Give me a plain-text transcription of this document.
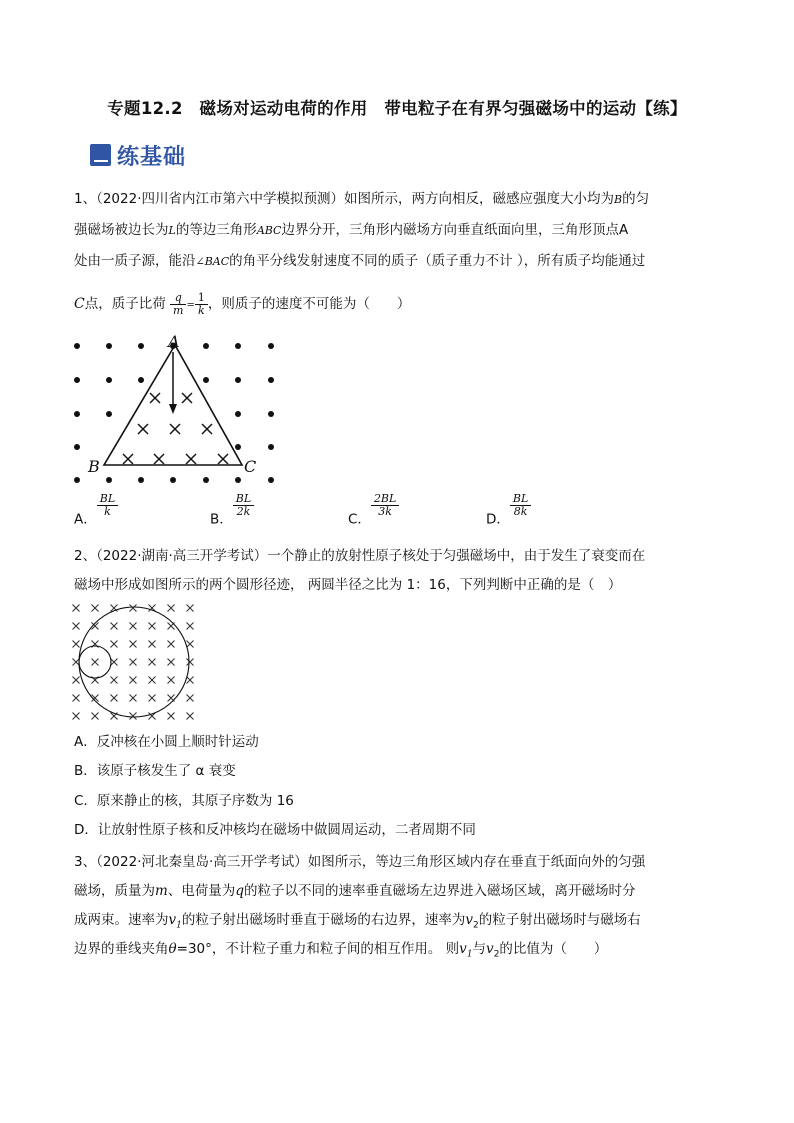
专题12.2　磁场对运动电荷的作用　带电粒子在有界匀强磁场中的运动【练】
练基础
1、（2022·四川省内江市第六中学模拟预测）如图所示，两方向相反，磁感应强度大小均为B的匀
强磁场被边长为L的等边三角形ABC边界分开，三角形内磁场方向垂直纸面向里，三角形顶点A
处由一质子源，能沿∠BAC的角平分线发射速度不同的质子（质子重力不计 ），所有质子均能通过
C点，质子比荷 $\frac{q}{m} = \frac{1}{k}$ ，则质子的速度不可能为（　　）
A
B	C
A．
$\frac{BL}{k}$
B．
$\frac{BL}{2k}$
C．
$\frac{2BL}{3k}$
D．
$\frac{BL}{8k}$
2、（2022·湖南·高三开学考试）一个静止的放射性原子核处于匀强磁场中，由于发生了衰变而在
磁场中形成如图所示的两个圆形径迹， 两圆半径之比为 1：16，下列判断中正确的是（　）
A．反冲核在小圆上顺时针运动
B．该原子核发生了 α 衰变
C．原来静止的核，其原子序数为 16
D．让放射性原子核和反冲核均在磁场中做圆周运动，二者周期不同
3、（2022·河北秦皇岛·高三开学考试）如图所示，等边三角形区域内存在垂直于纸面向外的匀强
磁场，质量为m、电荷量为q的粒子以不同的速率垂直磁场左边界进入磁场区域，离开磁场时分
成两束。速率为$v_1$的粒子射出磁场时垂直于磁场的右边界，速率为$v_2$的粒子射出磁场时与磁场右
边界的垂线夹角θ=30°，不计粒子重力和粒子间的相互作用。 则$v_1$与$v_2$的比值为（　　）
